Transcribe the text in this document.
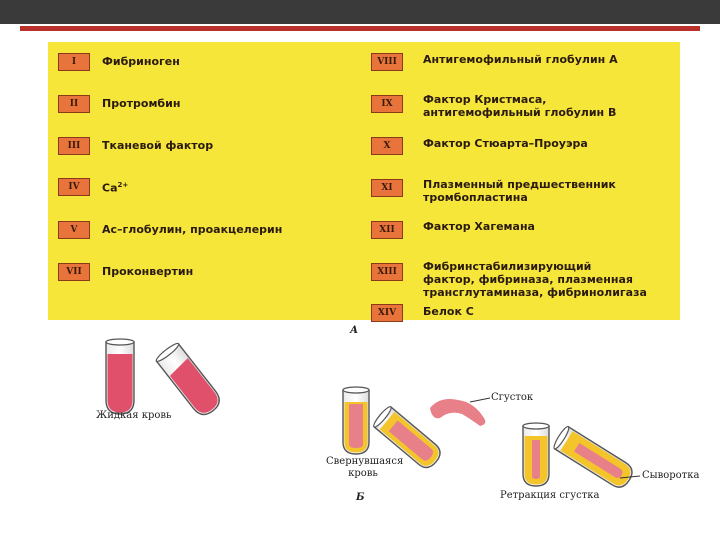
I	Фибриноген
II	Протромбин
III	Тканевой фактор
IV	$Ca^{2+}$
V	Ac–глобулин, проакцелерин
VII	Проконвертин
VIII	Антигемофильный глобулин A
IX	Фактор Кристмаса,
антигемофильный глобулин B
X	Фактор Стюарта–Проуэра
XI	Плазменный предшественник
тромбопластина
XII	Фактор Хагемана
XIII	Фибринстабилизирующий
фактор, фибриназа, плазменная
трансглутаминаза, фибринолигаза
XIV	Белок C
А
Жидкая кровь
Свернувшаяся
кровь
Сгусток
Ретракция сгустка
Сыворотка
Б
